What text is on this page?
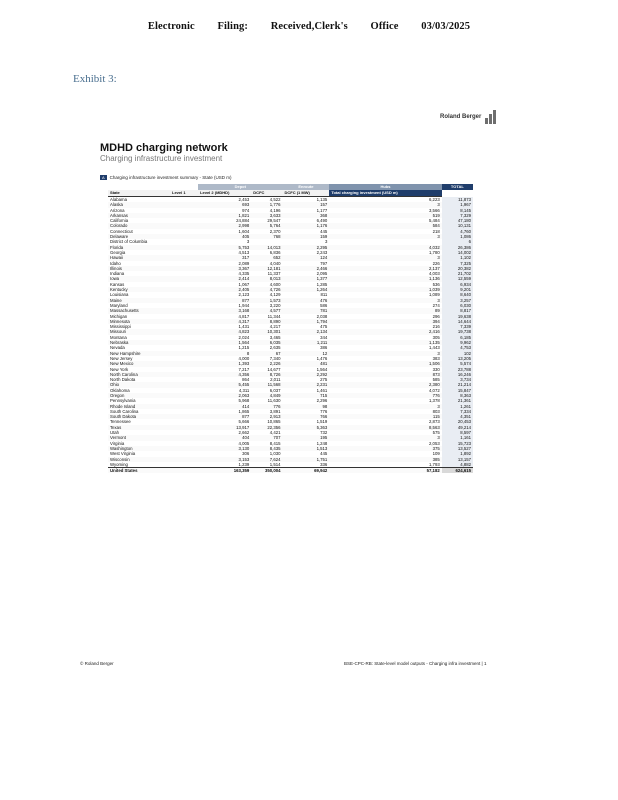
Electronic Filing: Received,Clerk's Office 03/03/2025
Exhibit 3:
Roland Berger
MDHD charging network
Charging infrastructure investment
A	Charging infrastructure investment summary - State (USD m)
		Depot		Enroute	Hubs	TOTAL
State	Level 1	Level 2 (MDHD)	DCFC	DCFC (1 MW)	Total charging investment (USD m)	
Alabama		2,453	4,522	1,135	6,223	11,873
Alaska		693	1,776	157	3	1,967
Arizona		974	4,196	1,177	3,566	8,145
Arkansas		1,821	3,633	368	519	7,329
California		24,884	29,547	6,490	5,484	47,180
Colorado		2,998	5,764	1,176	584	10,131
Connecticut		1,604	2,370	445	218	4,760
Delaware		405	768	159	3	1,086
District of Columbia		3		3		6
Florida		5,753	14,013	2,295	4,032	26,386
Georgia		4,513	6,836	2,243	1,780	14,002
Hawaii		317	652	124	3	1,102
Idaho		2,089	4,040	797	226	7,325
Illinois		3,367	12,181	2,466	2,137	20,382
Indiana		4,335	11,337	2,095	4,003	21,702
Iowa		2,414	8,013	1,377	1,136	12,559
Kansas		1,067	4,600	1,285	536	6,934
Kentucky		2,405	4,726	1,264	1,039	9,201
Louisiana		2,123	4,129	811	1,089	8,640
Maine		877	1,573	476	3	3,257
Maryland		1,944	3,220	586	274	6,030
Massachusetts		3,168	4,577	781	89	8,817
Michigan		4,817	11,344	2,038	296	19,638
Minnesota		4,317	8,890	1,794	394	14,644
Mississippi		1,431	4,217	475	216	7,339
Missouri		4,823	10,301	2,134	2,416	19,738
Montana		2,024	3,465	344	305	6,185
Nebraska		1,564	6,035	1,211	1,135	9,962
Nevada		1,215	2,635	386	1,443	4,753
New Hampshire		8	67	12	3	102
New Jersey		4,000	7,340	1,476	383	13,205
New Mexico		1,393	2,226	481	1,506	5,574
New York		7,217	14,677	1,564	330	23,788
North Carolina		4,356	8,726	2,292	873	16,246
North Dakota		864	2,011	275	585	3,734
Ohio		5,455	11,568	2,231	2,380	21,214
Oklahoma		4,311	6,037	1,461	4,072	15,847
Oregon		2,063	4,849	715	776	8,363
Pennsylvania		5,968	11,630	2,296	1,378	21,361
Rhode Island		414	776	98	3	1,261
South Carolina		1,865	3,891	776	803	7,334
South Dakota		877	2,913	766	115	4,351
Tennessee		5,666	10,865	1,519	2,873	20,453
Texas		13,917	22,356	5,363	8,563	49,214
Utah		2,662	4,421	732	575	8,597
Vermont		404	707	195	3	1,161
Virginia		4,005	8,415	1,248	2,053	15,723
Washington		3,130	8,435	1,513	375	13,527
West Virginia		306	1,030	445	109	1,892
Wisconsin		3,153	7,624	1,751	385	13,157
Wyoming		1,239	1,514	336	1,793	4,882
United States		163,359	350,004	69,942	57,182	624,615
© Roland Berger	BSE-CPC-RB: State-level model outputs - Charging infra investment | 1
